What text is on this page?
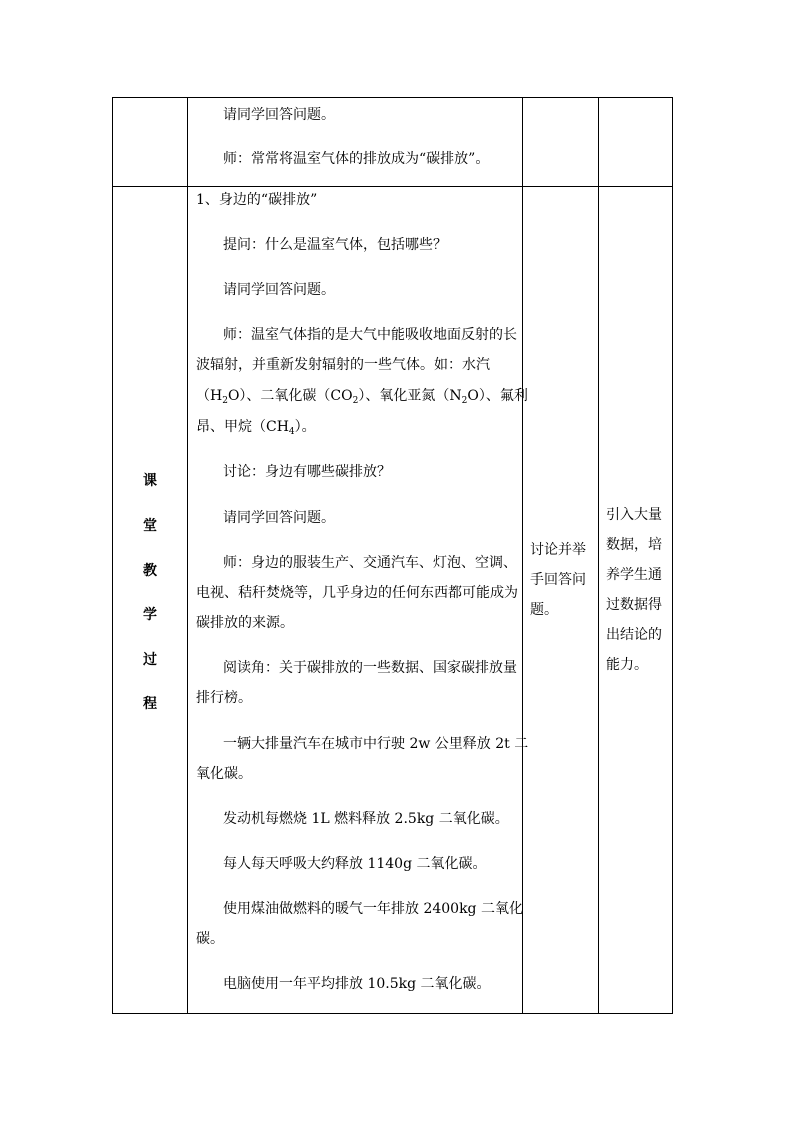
请同学回答问题。

师：常常将温室气体的排放成为“碳排放”。

课
堂
教
学
过
程

1、身边的“碳排放”

提问：什么是温室气体，包括哪些？

请同学回答问题。

师：温室气体指的是大气中能吸收地面反射的长

波辐射，并重新发射辐射的一些气体。如：水汽

$(H_2O)$、二氧化碳$(CO_2)$、氧化亚氮$(N_2O)$、氟利

昂、甲烷$(CH_4)$。

讨论：身边有哪些碳排放？

请同学回答问题。

师：身边的服装生产、交通汽车、灯泡、空调、

电视、秸秆焚烧等，几乎身边的任何东西都可能成为

碳排放的来源。

阅读角：关于碳排放的一些数据、国家碳排放量

排行榜。

一辆大排量汽车在城市中行驶 2w 公里释放 2t 二

氧化碳。

发动机每燃烧 1L 燃料释放 2.5kg 二氧化碳。

每人每天呼吸大约释放 1140g 二氧化碳。

使用煤油做燃料的暖气一年排放 2400kg 二氧化

碳。

电脑使用一年平均排放 10.5kg 二氧化碳。

讨论并举

手回答问

题。

引入大量

数据，培

养学生通

过数据得

出结论的

能力。
